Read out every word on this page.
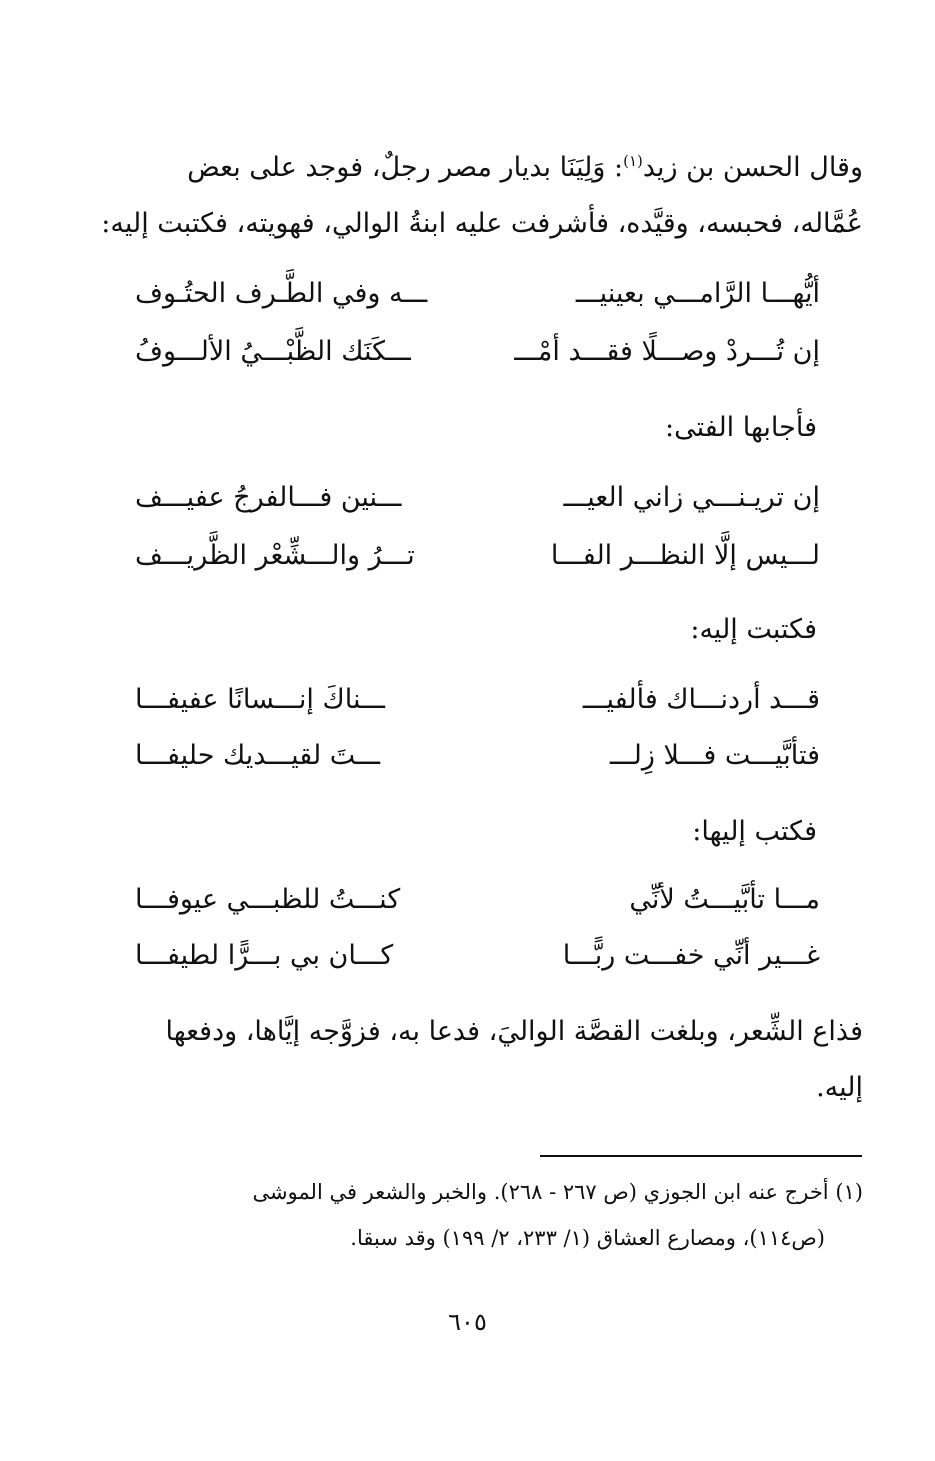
وقال الحسن بن زيد$^{(١)}$: وَلِيَنَا بديار مصر رجلٌ، فوجد على بعض
عُمَّاله، فحبسه، وقيَّده، فأشرفت عليه ابنةُ الوالي، فهويته، فكتبت إليه:
أيُّهـــا الرَّامـــي بعينيـــ
ـــه وفي الطَّـرف الحتُـوف
إن تُـــردْ وصـــلًا فقـــد أمْـــ
ـــكَنَك الظَّبْـــيُ الألـــوفُ
فأجابها الفتى:
إن تريـنـــي زاني العيـــ
ـــنين فـــالفرجُ عفيـــف
لـــيس إلَّا النظـــر الفـــا
تـــرُ والـــشِّعْر الظَّريـــف
فكتبت إليه:
قـــد أردنـــاك فألفيـــ
ـــناكَ إنـــسانًا عفيفـــا
فتأبَّيـــت فـــلا زِلـــ
ـــتَ لقيـــديك حليفـــا
فكتب إليها:
مـــا تأبَّيـــتُ لأنِّي
كنـــتُ للظبـــي عيوفـــا
غـــير أنِّي خفـــت ربًّـــا
كـــان بي بـــرًّا لطيفـــا
فذاع الشِّعر، وبلغت القصَّة الواليَ، فدعا به، فزوَّجه إيَّاها، ودفعها
إليه.
(١) أخرج عنه ابن الجوزي (ص ٢٦٧ - ٢٦٨). والخبر والشعر في الموشى
(ص١١٤)، ومصارع العشاق (١/ ٢٣٣، ٢/ ١٩٩) وقد سبقا.
٦٠٥
